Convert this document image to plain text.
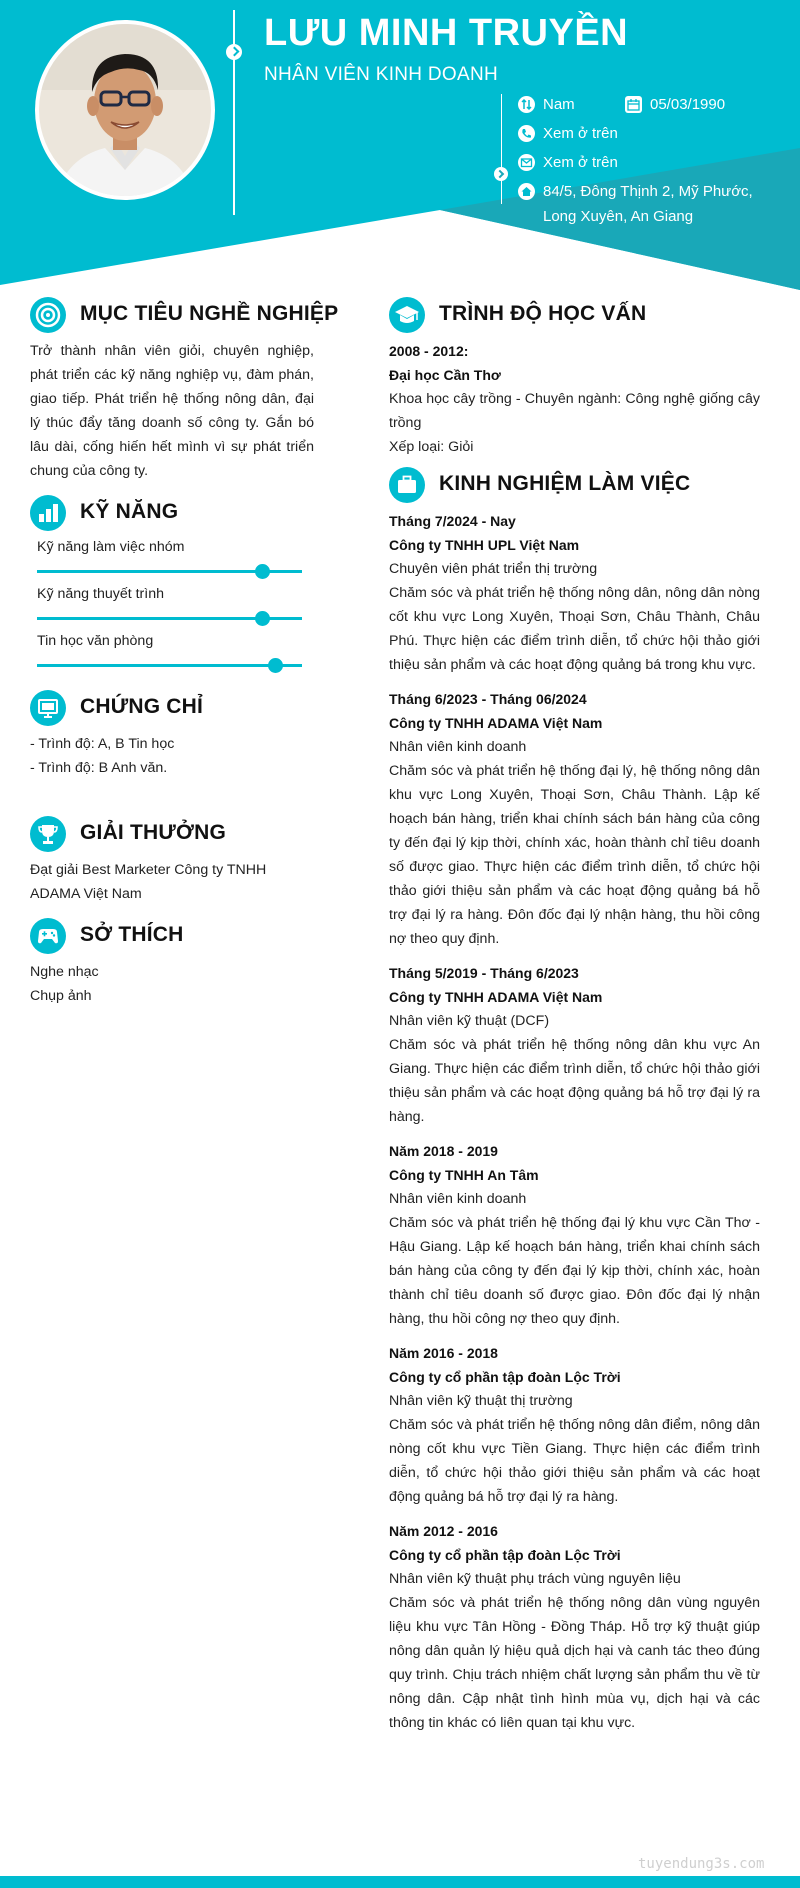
LƯU MINH TRUYỀN
NHÂN VIÊN KINH DOANH
Nam	05/03/1990
Xem ở trên
Xem ở trên
84/5, Đông Thịnh 2, Mỹ Phước, Long Xuyên, An Giang
MỤC TIÊU NGHỀ NGHIỆP

Trở thành nhân viên giỏi, chuyên nghiệp, phát triển các kỹ năng nghiệp vụ, đàm phán, giao tiếp. Phát triển hệ thống nông dân, đại lý thúc đẩy tăng doanh số công ty. Gắn bó lâu dài, cống hiến hết mình vì sự phát triển chung của công ty.

KỸ NĂNG
Kỹ năng làm việc nhóm
Kỹ năng thuyết trình
Tin học văn phòng
CHỨNG CHỈ
- Trình độ: A, B Tin học
- Trình độ: B Anh văn.
GIẢI THƯỞNG

Đạt giải Best Marketer Công ty TNHH ADAMA Việt Nam

SỞ THÍCH
Nghe nhạc
Chụp ảnh
TRÌNH ĐỘ HỌC VẤN
2008 - 2012:
Đại học Cần Thơ
Khoa học cây trồng - Chuyên ngành: Công nghệ giống cây trồng
Xếp loại: Giỏi
KINH NGHIỆM LÀM VIỆC
Tháng 7/2024 - Nay
Công ty TNHH UPL Việt Nam
Chuyên viên phát triển thị trường
Chăm sóc và phát triển hệ thống nông dân, nông dân nòng cốt khu vực Long Xuyên, Thoại Sơn, Châu Thành, Châu Phú. Thực hiện các điểm trình diễn, tổ chức hội thảo giới thiệu sản phẩm và các hoạt động quảng bá trong khu vực.
Tháng 6/2023 - Tháng 06/2024
Công ty TNHH ADAMA Việt Nam
Nhân viên kinh doanh
Chăm sóc và phát triển hệ thống đại lý, hệ thống nông dân khu vực Long Xuyên, Thoại Sơn, Châu Thành. Lập kế hoạch bán hàng, triển khai chính sách bán hàng của công ty đến đại lý kịp thời, chính xác, hoàn thành chỉ tiêu doanh số được giao. Thực hiện các điểm trình diễn, tổ chức hội thảo giới thiệu sản phẩm và các hoạt động quảng bá hỗ trợ đại lý ra hàng. Đôn đốc đại lý nhận hàng, thu hồi công nợ theo quy định.
Tháng 5/2019 - Tháng 6/2023
Công ty TNHH ADAMA Việt Nam
Nhân viên kỹ thuật (DCF)
Chăm sóc và phát triển hệ thống nông dân khu vực An Giang. Thực hiện các điểm trình diễn, tổ chức hội thảo giới thiệu sản phẩm và các hoạt động quảng bá hỗ trợ đại lý ra hàng.
Năm 2018 - 2019
Công ty TNHH An Tâm
Nhân viên kinh doanh
Chăm sóc và phát triển hệ thống đại lý khu vực Cần Thơ - Hậu Giang. Lập kế hoạch bán hàng, triển khai chính sách bán hàng của công ty đến đại lý kịp thời, chính xác, hoàn thành chỉ tiêu doanh số được giao. Đôn đốc đại lý nhận hàng, thu hồi công nợ theo quy định.
Năm 2016 - 2018
Công ty cổ phần tập đoàn Lộc Trời
Nhân viên kỹ thuật thị trường
Chăm sóc và phát triển hệ thống nông dân điểm, nông dân nòng cốt khu vực Tiền Giang. Thực hiện các điểm trình diễn, tổ chức hội thảo giới thiệu sản phẩm và các hoạt động quảng bá hỗ trợ đại lý ra hàng.
Năm 2012 - 2016
Công ty cổ phần tập đoàn Lộc Trời
Nhân viên kỹ thuật phụ trách vùng nguyên liệu
Chăm sóc và phát triển hệ thống nông dân vùng nguyên liệu khu vực Tân Hồng - Đồng Tháp. Hỗ trợ kỹ thuật giúp nông dân quản lý hiệu quả dịch hại và canh tác theo đúng quy trình. Chịu trách nhiệm chất lượng sản phẩm thu về từ nông dân. Cập nhật tình hình mùa vụ, dịch hại và các thông tin khác có liên quan tại khu vực.
tuyendung3s.com
